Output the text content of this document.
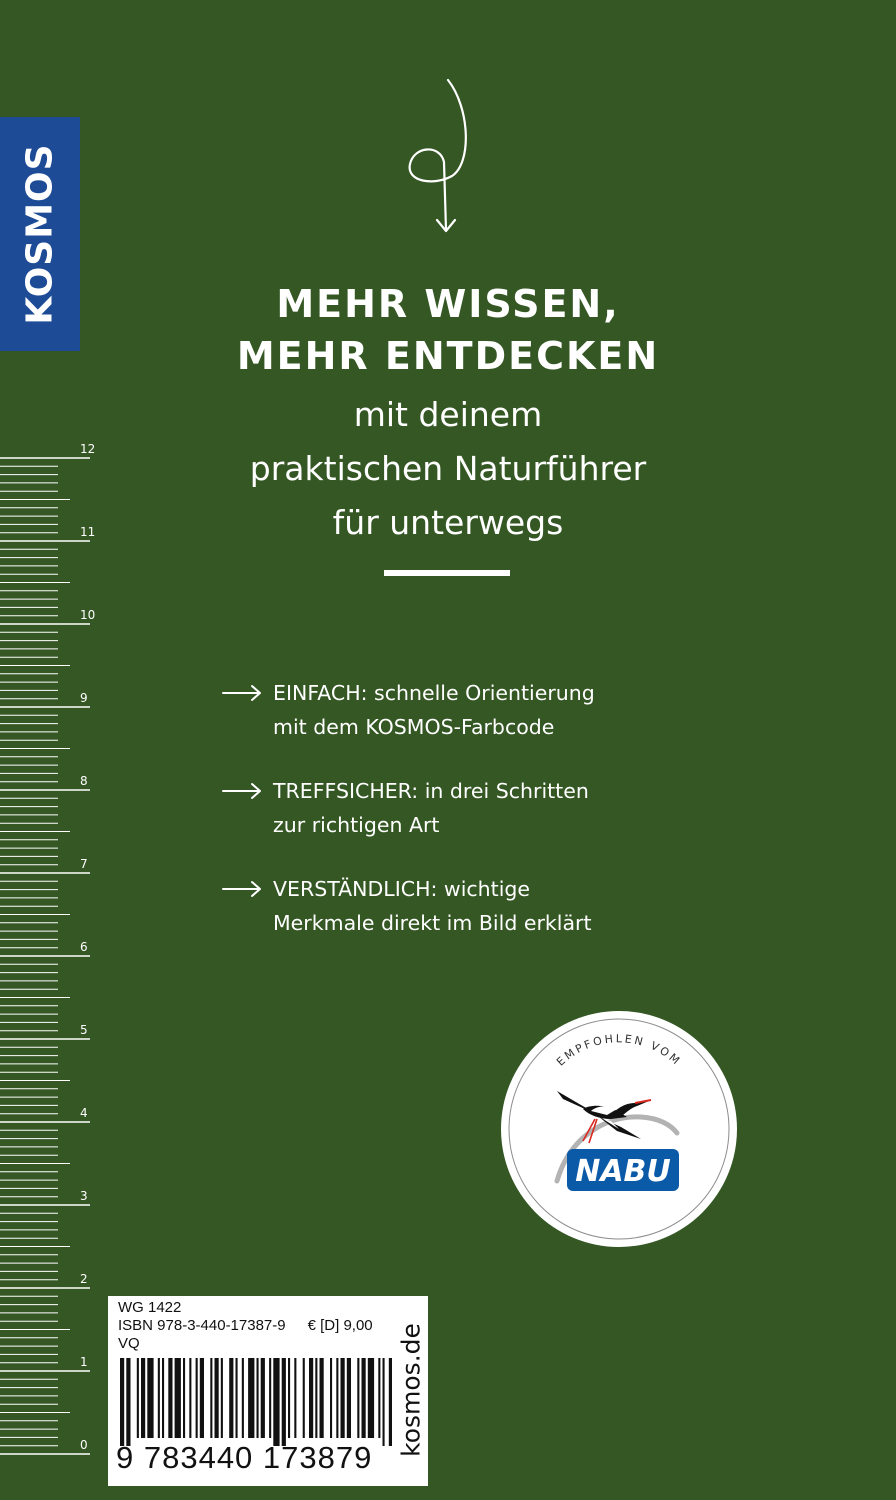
KOSMOS	MEHR WISSEN,
MEHR ENTDECKEN
mit deinem
praktischen Naturführer
für unterwegs
EINFACH: schnelle Orientierung
mit dem KOSMOS-Farbcode
TREFFSICHER: in drei Schritten
zur richtigen Art
VERSTÄNDLICH: wichtige
Merkmale direkt im Bild erklärt
12
11
10
9
8
7
6
5
4
3
2
1
0
EMPFOHLEN VOM
NABU
WG 1422
ISBN 978-3-440-17387-9 € [D] 9,00
VQ
9 783440 173879
kosmos.de
